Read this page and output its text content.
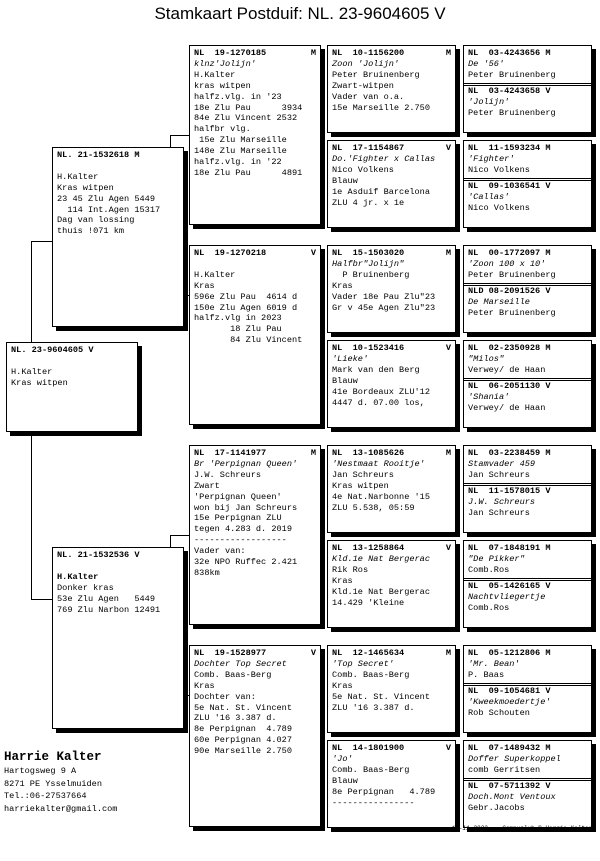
Stamkaart Postduif: NL. 23-9604605 V
NL. 23-9604605 V

H.Kalter
Kras witpen
NL. 21-1532618 M

H.Kalter
Kras witpen
23 45 Zlu Agen 5449
114 Int.Agen 15317
Dag van lossing
thuis !071 km
NL. 21-1532536 V

H.Kalter
Donker kras
53e Zlu Agen   5449
769 Zlu Narbon 12491
NL  19-1270185	M
klnz'Jolijn'
H.Kalter
kras witpen
halfz.vlg. in '23
18e Zlu Pau      3934
84e Zlu Vincent 2532
halfbr vlg.
15e Zlu Marseille
148e Zlu Marseille
halfz.vlg. in '22
18e Zlu Pau      4891
NL  19-1270218	V

H.Kalter
Kras
596e Zlu Pau  4614 d
150e Zlu Agen 6019 d
halfz.vlg in 2023
18 Zlu Pau
84 Zlu Vincent
NL  17-1141977	M
Br 'Perpignan Queen'
J.W. Schreurs
Zwart
'Perpignan Queen'
won bij Jan Schreurs
15e Perpignan ZLU
tegen 4.283 d. 2019
------------------
Vader van:
32e NPO Ruffec 2.421
838km
NL  19-1528977	V
Dochter Top Secret
Comb. Baas-Berg
Kras
Dochter van:
5e Nat. St. Vincent
ZLU '16 3.387 d.
8e Perpignan  4.789
60e Perpignan 4.027
90e Marseille 2.750
NL  10-1156200	M
Zoon 'Jolijn'
Peter Bruinenberg
Zwart-witpen
Vader van o.a.
15e Marseille 2.750
NL  17-1154867	V
Do.'Fighter x Callas
Nico Volkens
Blauw
1e Asduif Barcelona
ZLU 4 jr. x 1e
NL  15-1503020	M
Halfbr"Jolijn"
P Bruinenberg
Kras
Vader 18e Pau Zlu"23
Gr v 45e Agen Zlu"23
NL  10-1523416	V
'Lieke'
Mark van den Berg
Blauw
41e Bordeaux ZLU'12
4447 d. 07.00 los,
NL  13-1085626	M
'Nestmaat Rooitje'
Jan Schreurs
Kras witpen
4e Nat.Narbonne '15
ZLU 5.538, 05:59
NL  13-1258864	V
Kld.1e Nat Bergerac
Rik Ros
Kras
Kld.1e Nat Bergerac
14.429 'Kleine
NL  12-1465634	M
'Top Secret'
Comb. Baas-Berg
Kras
5e Nat. St. Vincent
ZLU '16 3.387 d.
NL  14-1801900	V
'Jo'
Comb. Baas-Berg
Blauw
8e Perpignan   4.789
----------------
NL  03-4243656 M
De '56'
Peter Bruinenberg
NL  03-4243658 V
'Jolijn'
Peter Bruinenberg
NL  11-1593234 M
'Fighter'
Nico Volkens
NL  09-1036541 V
'Callas'
Nico Volkens
NL  00-1772097 M
'Zoon 100 x 10'
Peter Bruinenberg
NLD 08-2091526 V
De Marseille
Peter Bruinenberg
NL  02-2350928 M
"Milos"
Verwey/ de Haan
NL  06-2051130 V
'Shania'
Verwey/ de Haan
NL  03-2238459 M
Stamvader 459
Jan Schreurs
NL  11-1578015 V
J.W. Schreurs
Jan Schreurs
NL  07-1848191 M
"De Pikker"
Comb.Ros
NL  05-1426165 V
Nachtvliegertje
Comb.Ros
NL  05-1212806 M
'Mr. Bean'
P. Baas
NL  09-1054681 V
'Kweekmoedertje'
Rob Schouten
NL  07-1489432 M
Doffer Superkoppel
comb Gerritsen
NL  07-5711392 V
Doch.Mont Ventoux
Gebr.Jacobs
Harrie Kalter
Hartogsweg 9 A
8271 PE Ysselmuiden
Tel.:06-27537664
harriekalter@gmail.com
16-11-2023    Compuclub © Harrie Kalter
